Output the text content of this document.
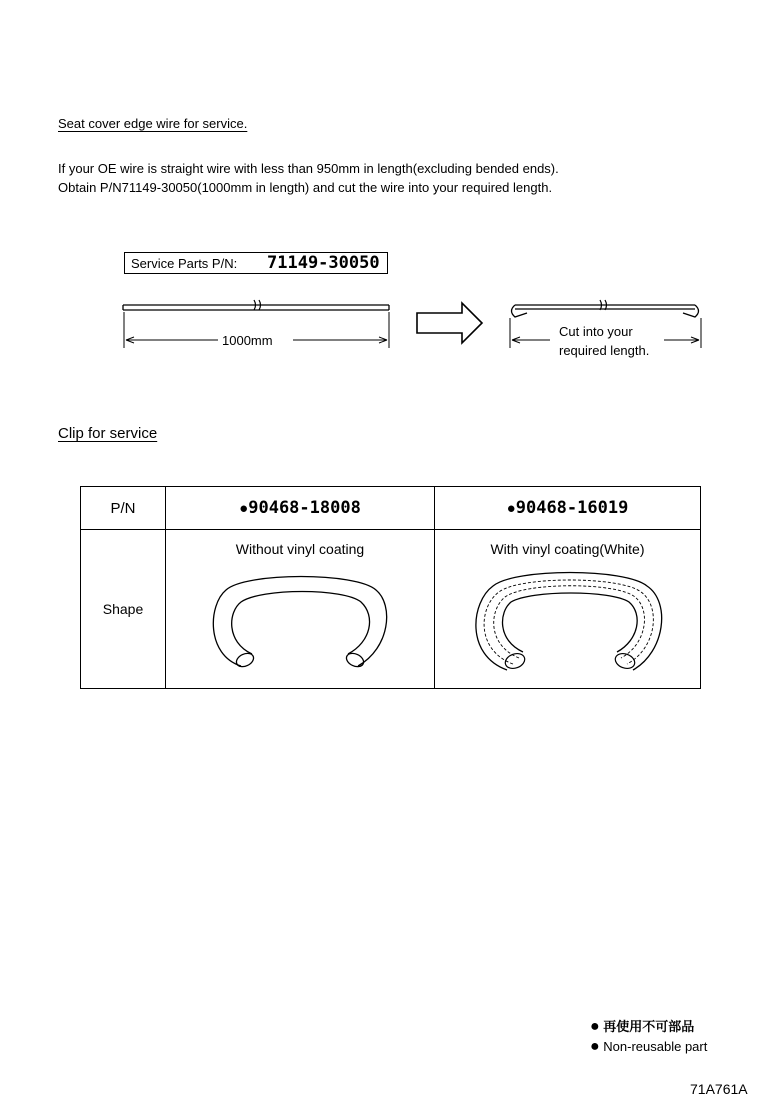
Seat cover edge wire for service.
If your OE wire is straight wire with less than 950mm in length(excluding bended ends).
Obtain P/N71149-30050(1000mm in length) and cut the wire into your required length.
Service Parts P/N: 71149-30050
1000mm
Cut into your
required length.
Clip for service
P/N	●90468-18008	●90468-16019
Shape	Without vinyl coating	With vinyl coating(White)
● 再使用不可部品
● Non-reusable part
71A761A
